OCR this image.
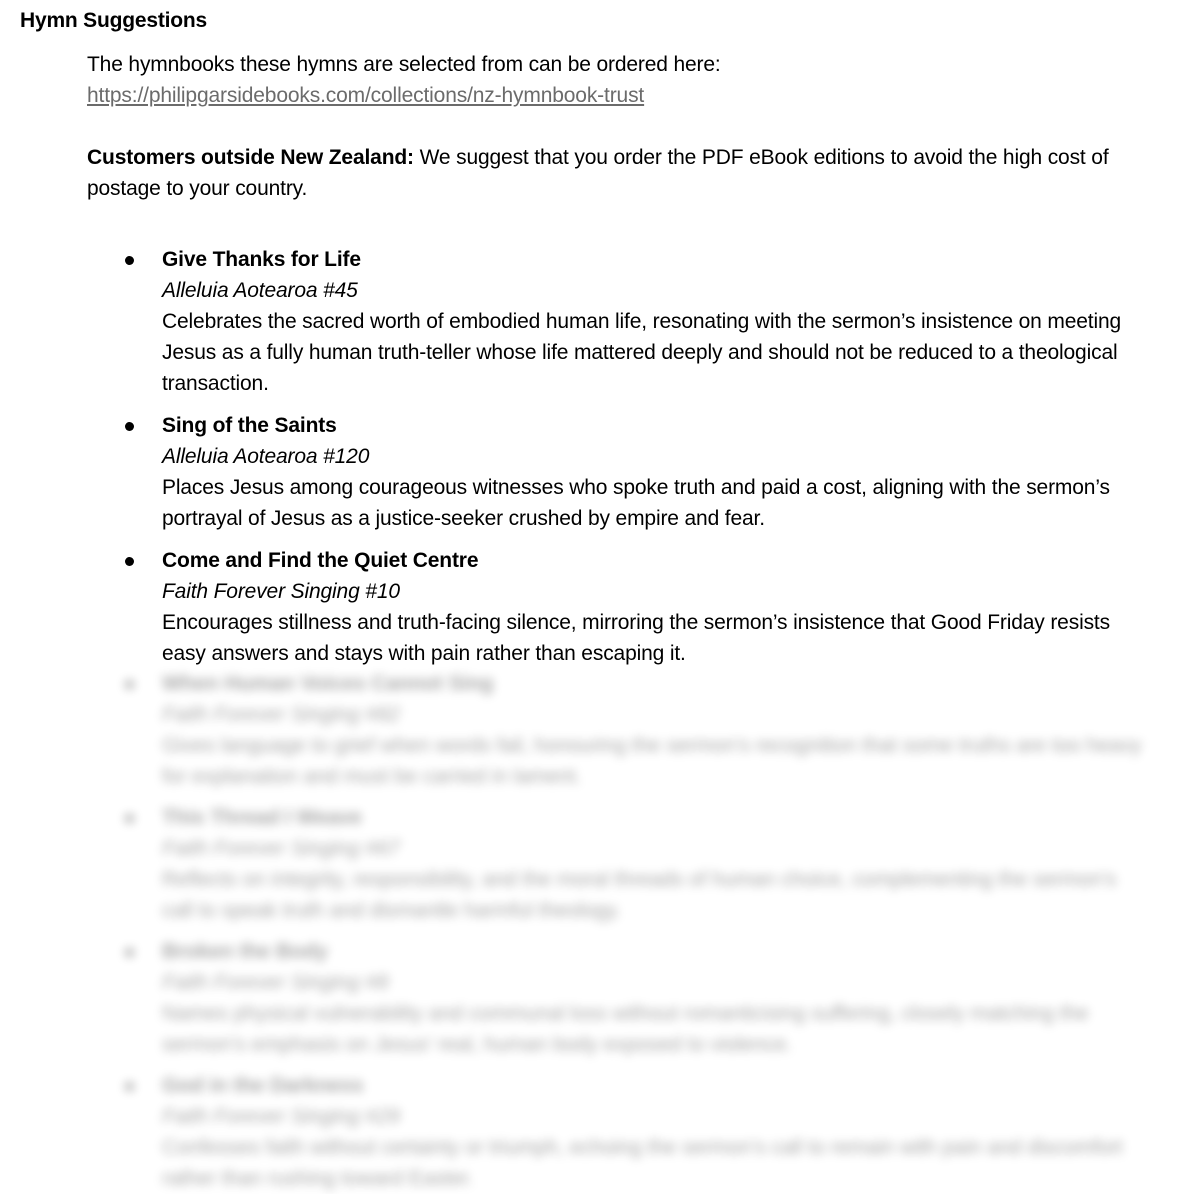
Hymn Suggestions
The hymnbooks these hymns are selected from can be ordered here:
https://philipgarsidebooks.com/collections/nz-hymnbook-trust
Customers outside New Zealand: We suggest that you order the PDF eBook editions to avoid the high cost of postage to your country.
Give Thanks for Life
Alleluia Aotearoa #45
Celebrates the sacred worth of embodied human life, resonating with the sermon’s insistence on meeting Jesus as a fully human truth-teller whose life mattered deeply and should not be reduced to a theological transaction.
Sing of the Saints
Alleluia Aotearoa #120
Places Jesus among courageous witnesses who spoke truth and paid a cost, aligning with the sermon’s portrayal of Jesus as a justice-seeker crushed by empire and fear.
Come and Find the Quiet Centre
Faith Forever Singing #10
Encourages stillness and truth-facing silence, mirroring the sermon’s insistence that Good Friday resists easy answers and stays with pain rather than escaping it.
When Human Voices Cannot Sing
Faith Forever Singing #82
Gives language to grief when words fail, honouring the sermon’s recognition that some truths are too heavy for explanation and must be carried in lament.
This Thread I Weave
Faith Forever Singing #67
Reflects on integrity, responsibility, and the moral threads of human choice, complementing the sermon’s call to speak truth and dismantle harmful theology.
Broken the Body
Faith Forever Singing #8
Names physical vulnerability and communal loss without romanticising suffering, closely matching the sermon’s emphasis on Jesus’ real, human body exposed to violence.
God in the Darkness
Faith Forever Singing #29
Confesses faith without certainty or triumph, echoing the sermon’s call to remain with pain and discomfort rather than rushing toward Easter.
